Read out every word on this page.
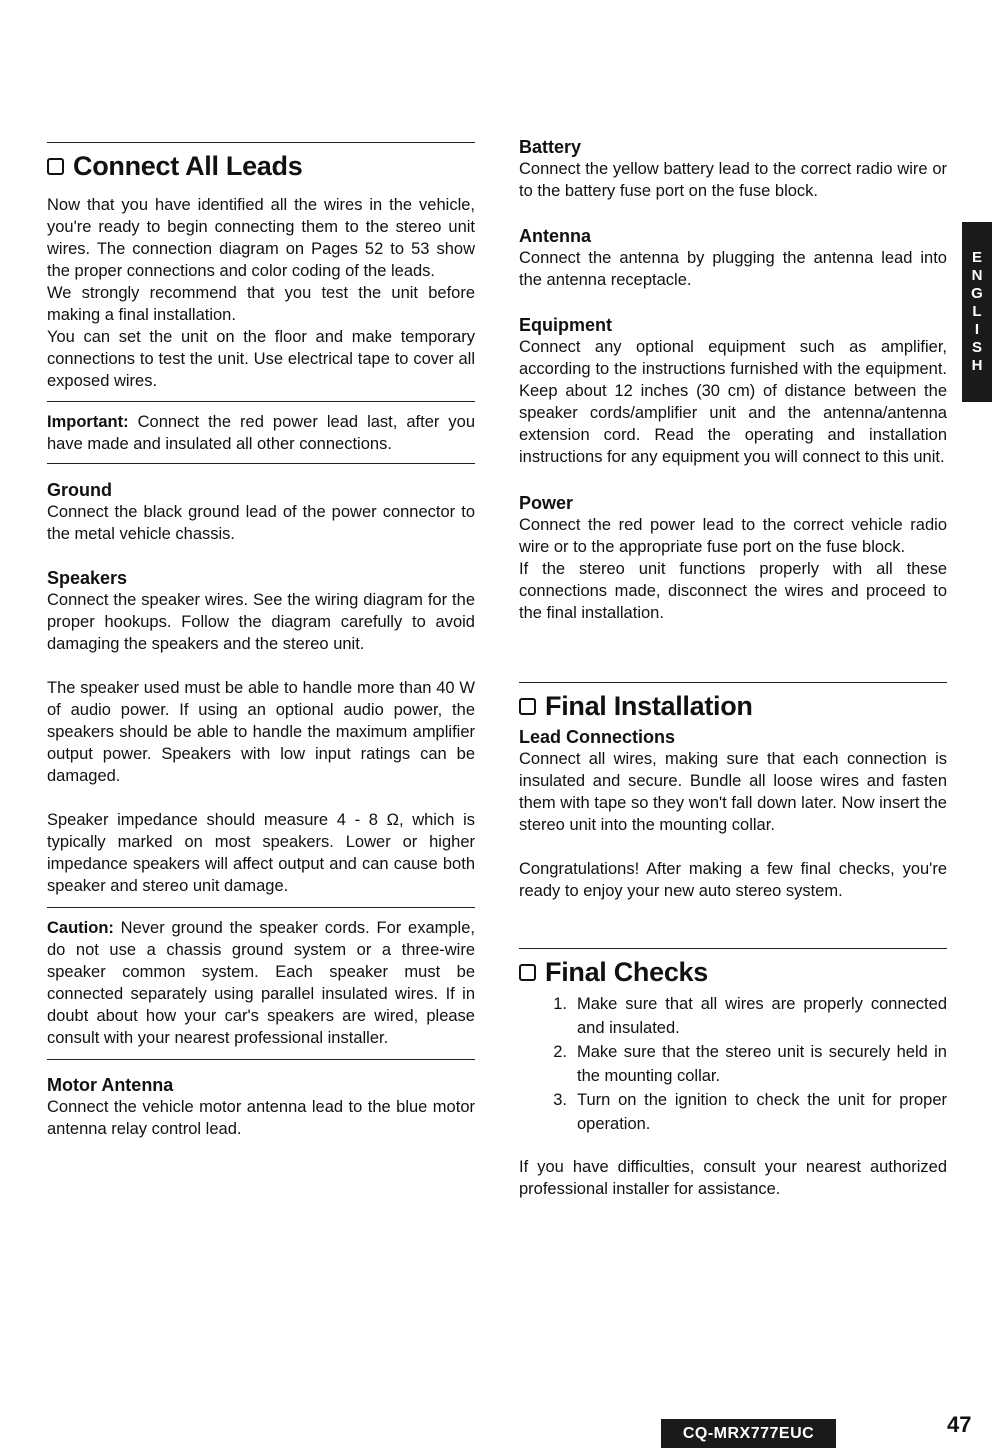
Connect All Leads

Now that you have identified all the wires in the vehicle, you're ready to begin connecting them to the stereo unit wires. The connection diagram on Pages 52 to 53 show the proper connections and color coding of the leads.

We strongly recommend that you test the unit before making a final installation.

You can set the unit on the floor and make temporary connections to test the unit. Use electrical tape to cover all exposed wires.

Important: Connect the red power lead last, after you have made and insulated all other connections.

Ground

Connect the black ground lead of the power connector to the metal vehicle chassis.

Speakers

Connect the speaker wires. See the wiring diagram for the proper hookups. Follow the diagram carefully to avoid damaging the speakers and the stereo unit.

The speaker used must be able to handle more than 40 W of audio power. If using an optional audio power, the speakers should be able to handle the maximum amplifier output power. Speakers with low input ratings can be damaged.

Speaker impedance should measure 4 - 8 Ω, which is typically marked on most speakers. Lower or higher impedance speakers will affect output and can cause both speaker and stereo unit damage.

Caution: Never ground the speaker cords. For example, do not use a chassis ground system or a three-wire speaker common system. Each speaker must be connected separately using parallel insulated wires. If in doubt about how your car's speakers are wired, please consult with your nearest professional installer.

Motor Antenna

Connect the vehicle motor antenna lead to the blue motor antenna relay control lead.

Battery

Connect the yellow battery lead to the correct radio wire or to the battery fuse port on the fuse block.

Antenna

Connect the antenna by plugging the antenna lead into the antenna receptacle.

Equipment

Connect any optional equipment such as amplifier, according to the instructions furnished with the equipment. Keep about 12 inches (30 cm) of distance between the speaker cords/amplifier unit and the antenna/antenna extension cord. Read the operating and installation instructions for any equipment you will connect to this unit.

Power

Connect the red power lead to the correct vehicle radio wire or to the appropriate fuse port on the fuse block.

If the stereo unit functions properly with all these connections made, disconnect the wires and proceed to the final installation.

Final Installation
Lead Connections

Connect all wires, making sure that each connection is insulated and secure. Bundle all loose wires and fasten them with tape so they won't fall down later. Now insert the stereo unit into the mounting collar.

Congratulations! After making a few final checks, you're ready to enjoy your new auto stereo system.

Final Checks
1. Make sure that all wires are properly connected and insulated.
2. Make sure that the stereo unit is securely held in the mounting collar.
3. Turn on the ignition to check the unit for proper operation.

If you have difficulties, consult your nearest authorized professional installer for assistance.

E
N
G
L
I
S
H
CQ-MRX777EUC	47
